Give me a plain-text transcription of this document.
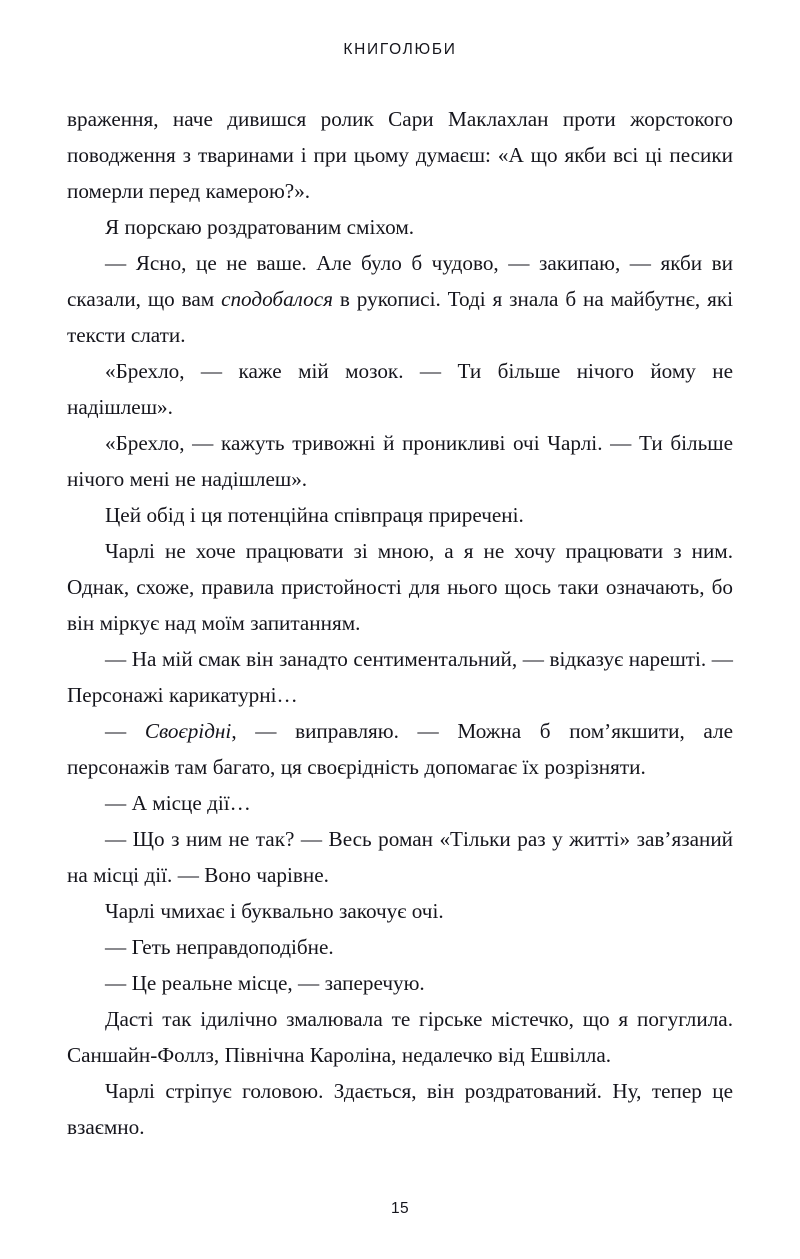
КНИГОЛЮБИ

враження, наче дивишся ролик Сари Маклахлан проти жорстокого поводження з тваринами і при цьому думаєш: «А що якби всі ці песики померли перед камерою?».

Я порскаю роздратованим сміхом.

— Ясно, це не ваше. Але було б чудово, — закипаю, — якби ви сказали, що вам сподобалося в рукописі. Тоді я знала б на майбутнє, які тексти слати.

«Брехло, — каже мій мозок. — Ти більше нічого йому не надішлеш».

«Брехло, — кажуть тривожні й проникливі очі Чарлі. — Ти більше нічого мені не надішлеш».

Цей обід і ця потенційна співпраця приречені.

Чарлі не хоче працювати зі мною, а я не хочу працювати з ним. Однак, схоже, правила пристойності для нього щось таки означають, бо він міркує над моїм запитанням.

— На мій смак він занадто сентиментальний, — відказує нарешті. — Персонажі карикатурні…

— Своєрідні, — виправляю. — Можна б пом’якшити, але персонажів там багато, ця своєрідність допомагає їх розрізняти.

— А місце дії…

— Що з ним не так? — Весь роман «Тільки раз у житті» зав’язаний на місці дії. — Воно чарівне.

Чарлі чмихає і буквально закочує очі.

— Геть неправдоподібне.

— Це реальне місце, — заперечую.

Дасті так ідилічно змалювала те гірське містечко, що я погуглила. Саншайн-Фоллз, Північна Кароліна, недалечко від Ешвілла.

Чарлі стріпує головою. Здається, він роздратований. Ну, тепер це взаємно.

15
